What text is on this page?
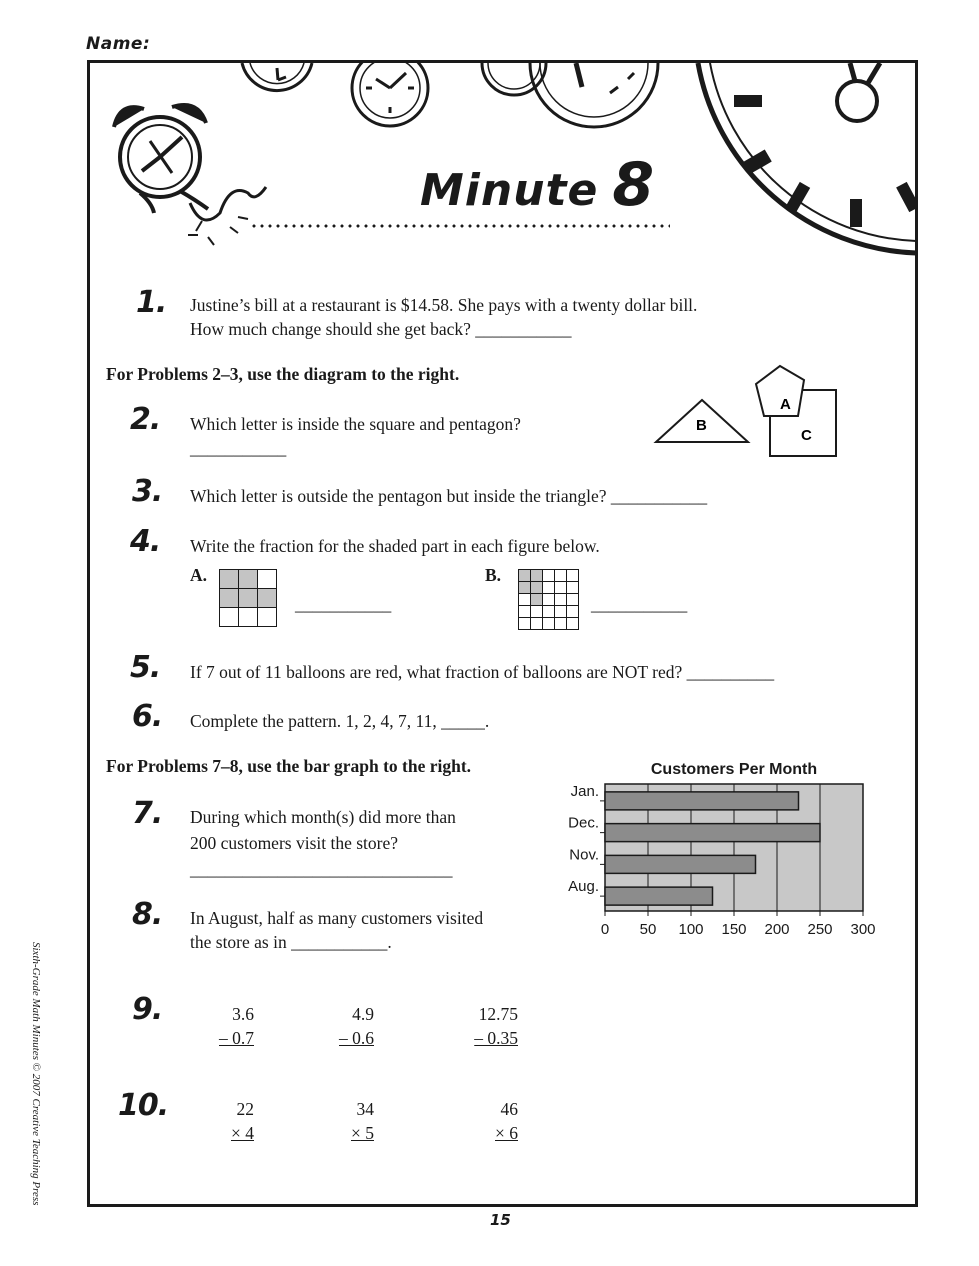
Name:
Minute 8
1. Justine’s bill at a restaurant is $14.58. She pays with a twenty dollar bill.
How much change should she get back? ___________
For Problems 2–3, use the diagram to the right.
B
A
C
2. Which letter is inside the square and pentagon?
___________
3. Which letter is outside the pentagon but inside the triangle? ___________
4. Write the fraction for the shaded part in each figure below.
A.

___________
B.

___________
5. If 7 out of 11 balloons are red, what fraction of balloons are NOT red? __________
6. Complete the pattern. 1, 2, 4, 7, 11, _____.
For Problems 7–8, use the bar graph to the right.
7. During which month(s) did more than
200 customers visit the store?
______________________________
8. In August, half as many customers visited
the store as in ___________.
Customers Per Month
0 50 100 150 200 250 300
Jan.
Dec.
Nov.
Aug.
9.	3.6
– 0.7
4.9
– 0.6
12.75
– 0.35
10.	22
× 4
34
× 5
46
× 6
Sixth-Grade Math Minutes © 2007 Creative Teaching Press
15
